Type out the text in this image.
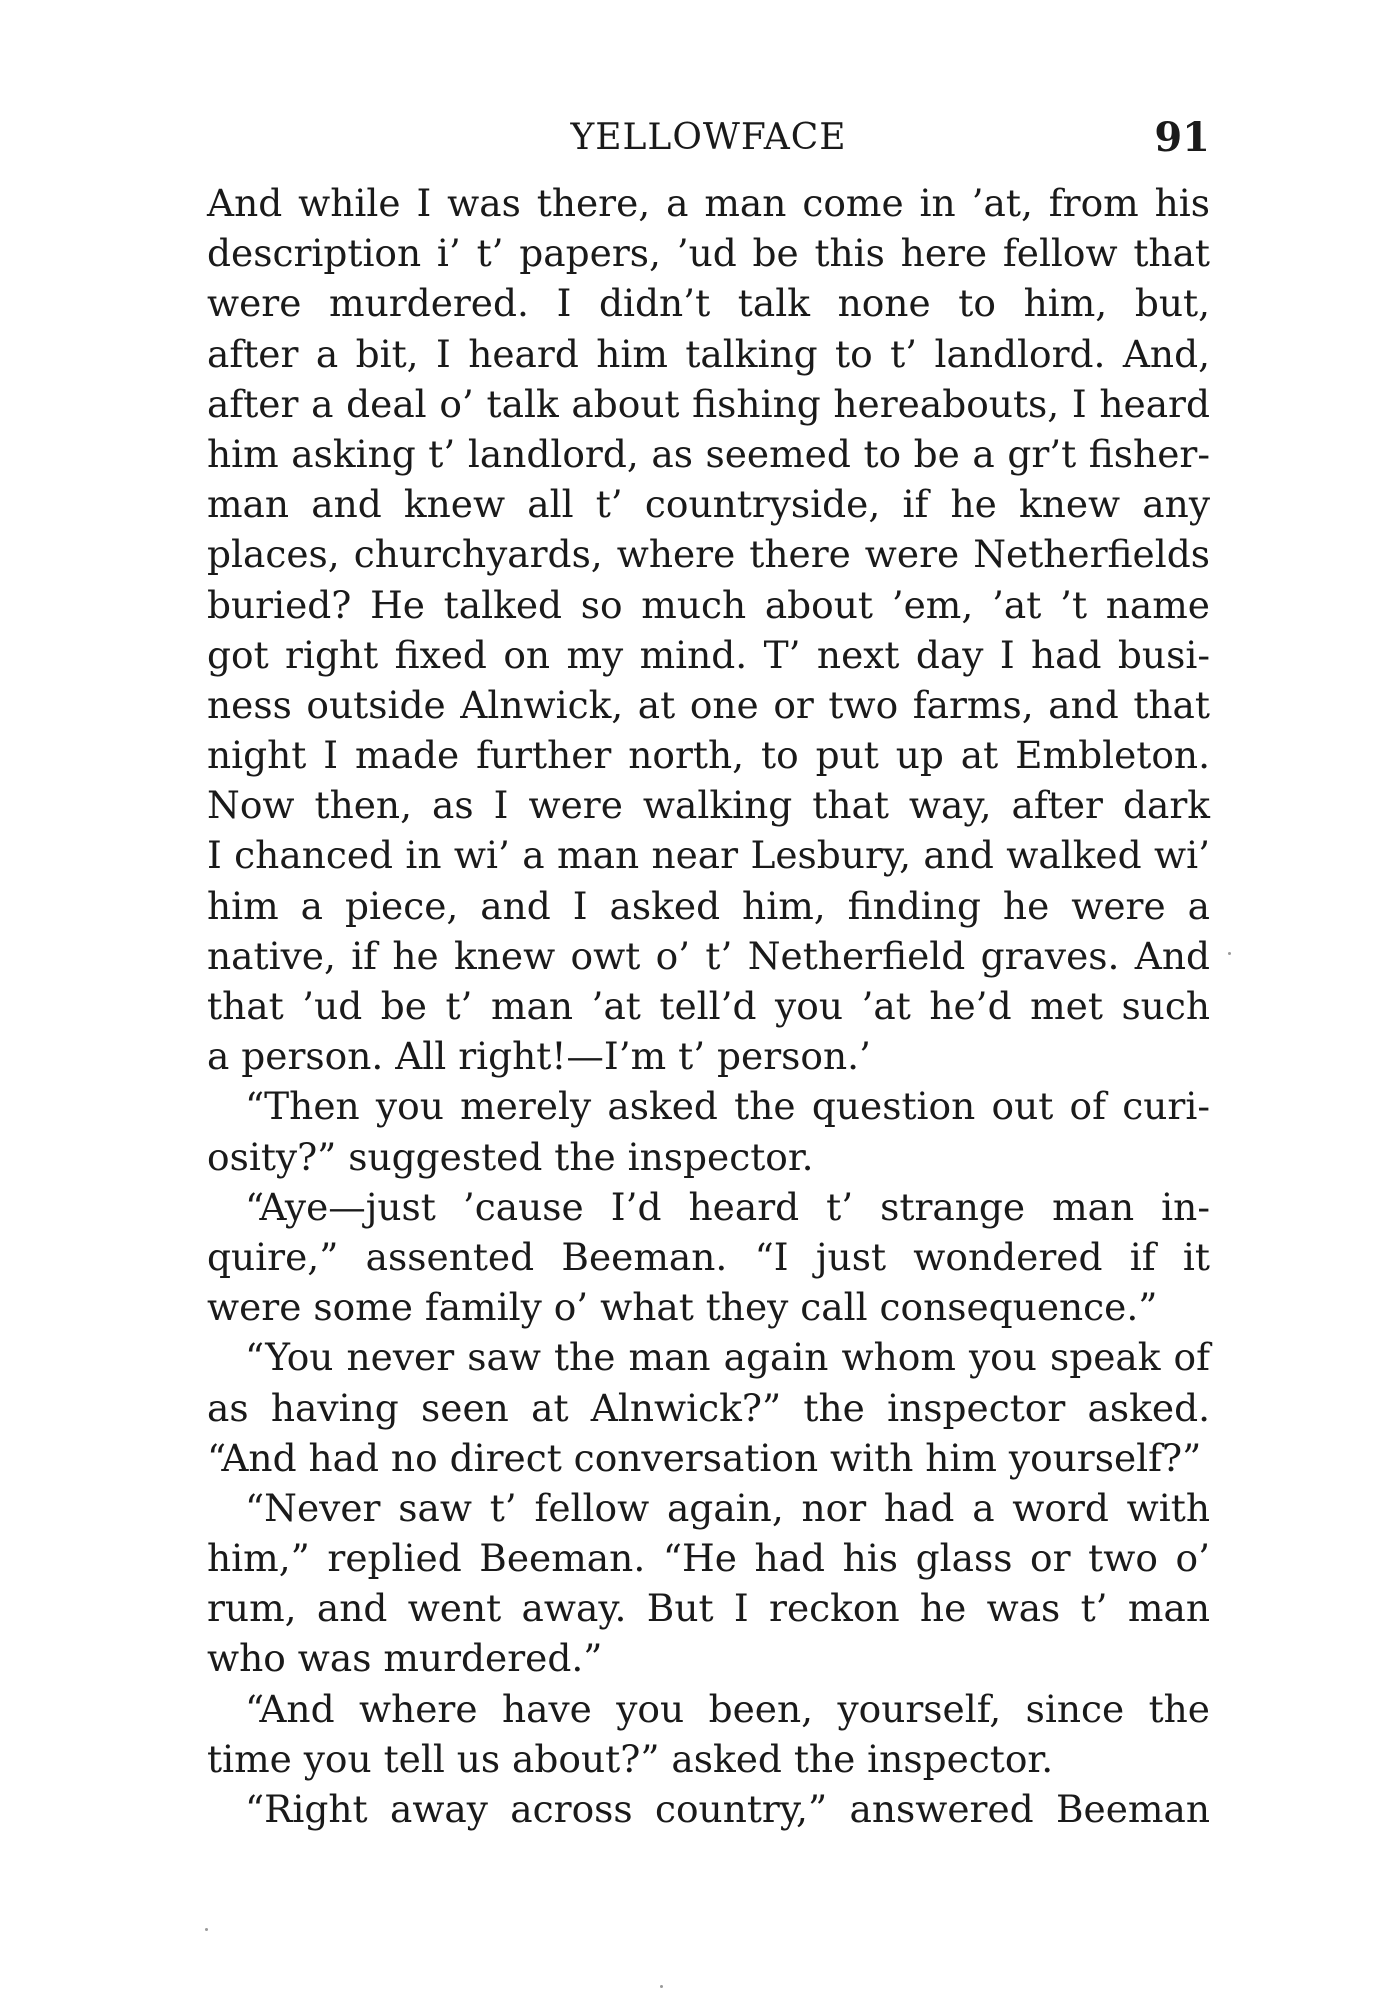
YELLOWFACE	91
And while I was there, a man come in ’at, from his
description i’ t’ papers, ’ud be this here fellow that
were murdered. I didn’t talk none to him, but,
after a bit, I heard him talking to t’ landlord. And,
after a deal o’ talk about fishing hereabouts, I heard
him asking t’ landlord, as seemed to be a gr’t fisher-
man and knew all t’ countryside, if he knew any
places, churchyards, where there were Netherfields
buried? He talked so much about ’em, ’at ’t name
got right fixed on my mind. T’ next day I had busi-
ness outside Alnwick, at one or two farms, and that
night I made further north, to put up at Embleton.
Now then, as I were walking that way, after dark
I chanced in wi’ a man near Lesbury, and walked wi’
him a piece, and I asked him, finding he were a
native, if he knew owt o’ t’ Netherfield graves. And
that ’ud be t’ man ’at tell’d you ’at he’d met such
a person. All right!—I’m t’ person.’
“Then you merely asked the question out of curi-
osity?” suggested the inspector.
“Aye—just ’cause I’d heard t’ strange man in-
quire,” assented Beeman. “I just wondered if it
were some family o’ what they call consequence.”
“You never saw the man again whom you speak of
as having seen at Alnwick?” the inspector asked.
“And had no direct conversation with him yourself?”
“Never saw t’ fellow again, nor had a word with
him,” replied Beeman. “He had his glass or two o’
rum, and went away. But I reckon he was t’ man
who was murdered.”
“And where have you been, yourself, since the
time you tell us about?” asked the inspector.
“Right away across country,” answered Beeman
